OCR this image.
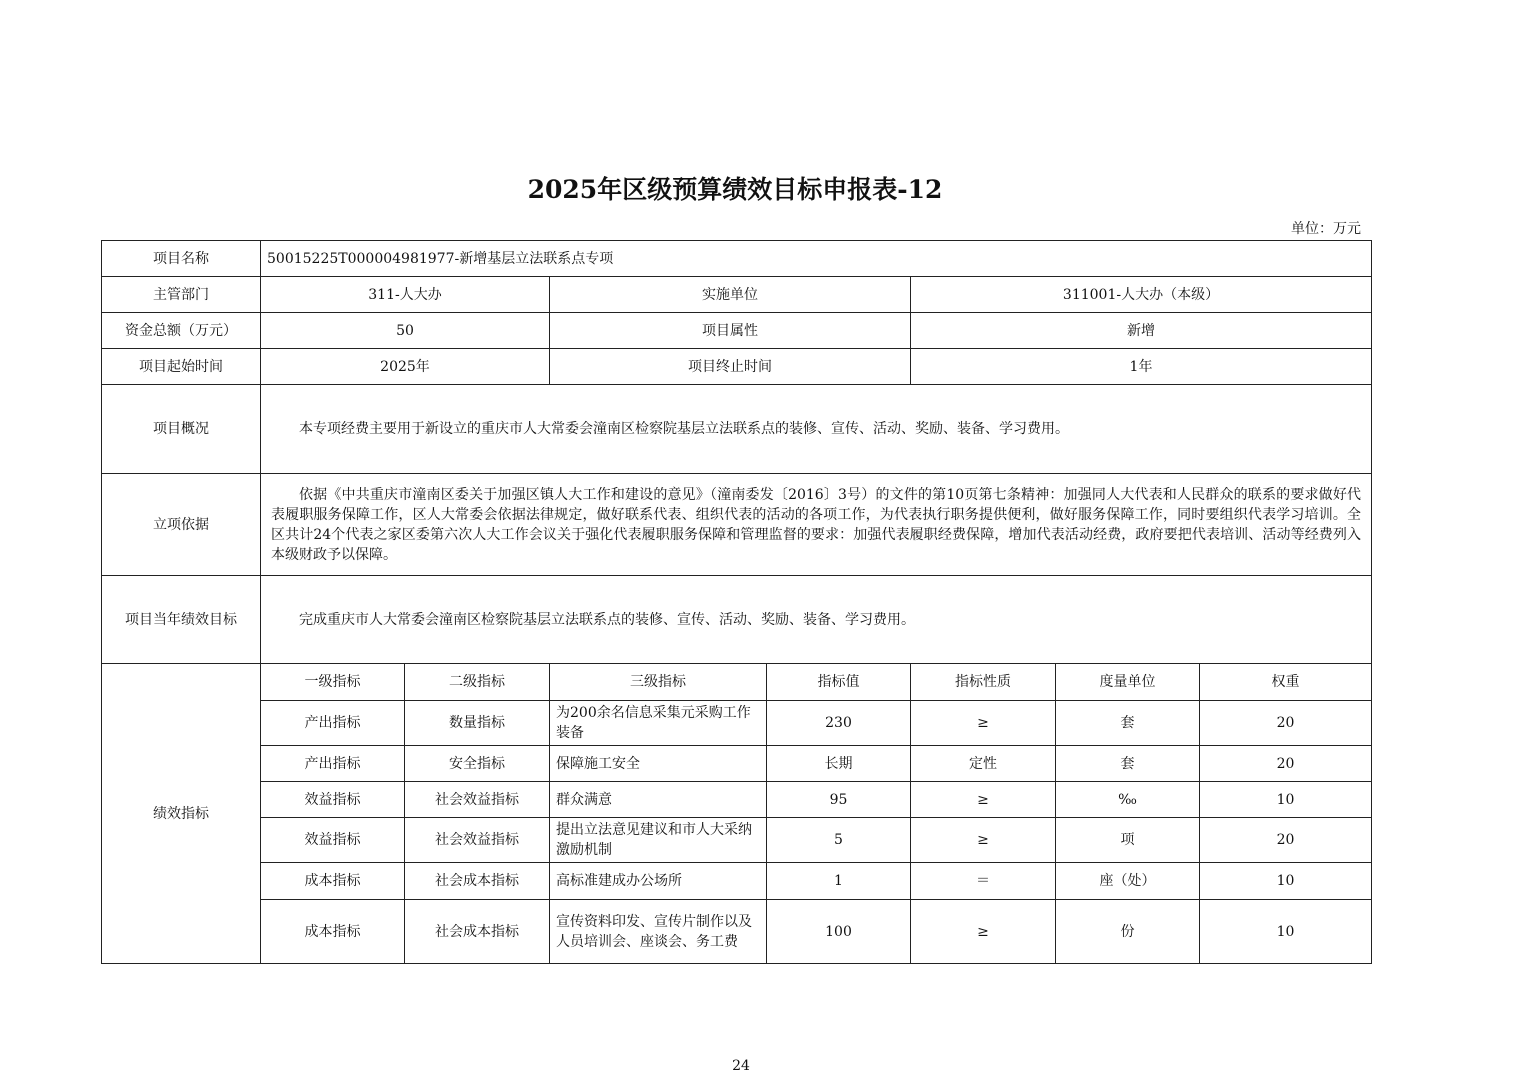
2025年区级预算绩效目标申报表-12
单位：万元
项目名称	50015225T000004981977-新增基层立法联系点专项						
主管部门	311-人大办		实施单位		311001-人大办（本级）		
资金总额（万元）	50		项目属性		新增		
项目起始时间	2025年		项目终止时间		1年		
项目概况	本专项经费主要用于新设立的重庆市人大常委会潼南区检察院基层立法联系点的装修、宣传、活动、奖励、装备、学习费用。						
立项依据	依据《中共重庆市潼南区委关于加强区镇人大工作和建设的意见》（潼南委发〔2016〕3号）的文件的第10页第七条精神：加强同人大代表和人民群众的联系的要求做好代表履职服务保障工作，区人大常委会依据法律规定，做好联系代表、组织代表的活动的各项工作，为代表执行职务提供便利，做好服务保障工作，同时要组织代表学习培训。全区共计24个代表之家区委第六次人大工作会议关于强化代表履职服务保障和管理监督的要求：加强代表履职经费保障，增加代表活动经费，政府要把代表培训、活动等经费列入本级财政予以保障。						
项目当年绩效目标	完成重庆市人大常委会潼南区检察院基层立法联系点的装修、宣传、活动、奖励、装备、学习费用。						
绩效指标	一级指标	二级指标	三级指标	指标值	指标性质	度量单位	权重
	产出指标	数量指标	为200余名信息采集元采购工作装备	230	≥	套	20
	产出指标	安全指标	保障施工安全	长期	定性	套	20
	效益指标	社会效益指标	群众满意	95	≥	‰	10
	效益指标	社会效益指标	提出立法意见建议和市人大采纳激励机制	5	≥	项	20
	成本指标	社会成本指标	高标准建成办公场所	1	＝	座（处）	10
	成本指标	社会成本指标	宣传资料印发、宣传片制作以及人员培训会、座谈会、务工费	100	≥	份	10
24
